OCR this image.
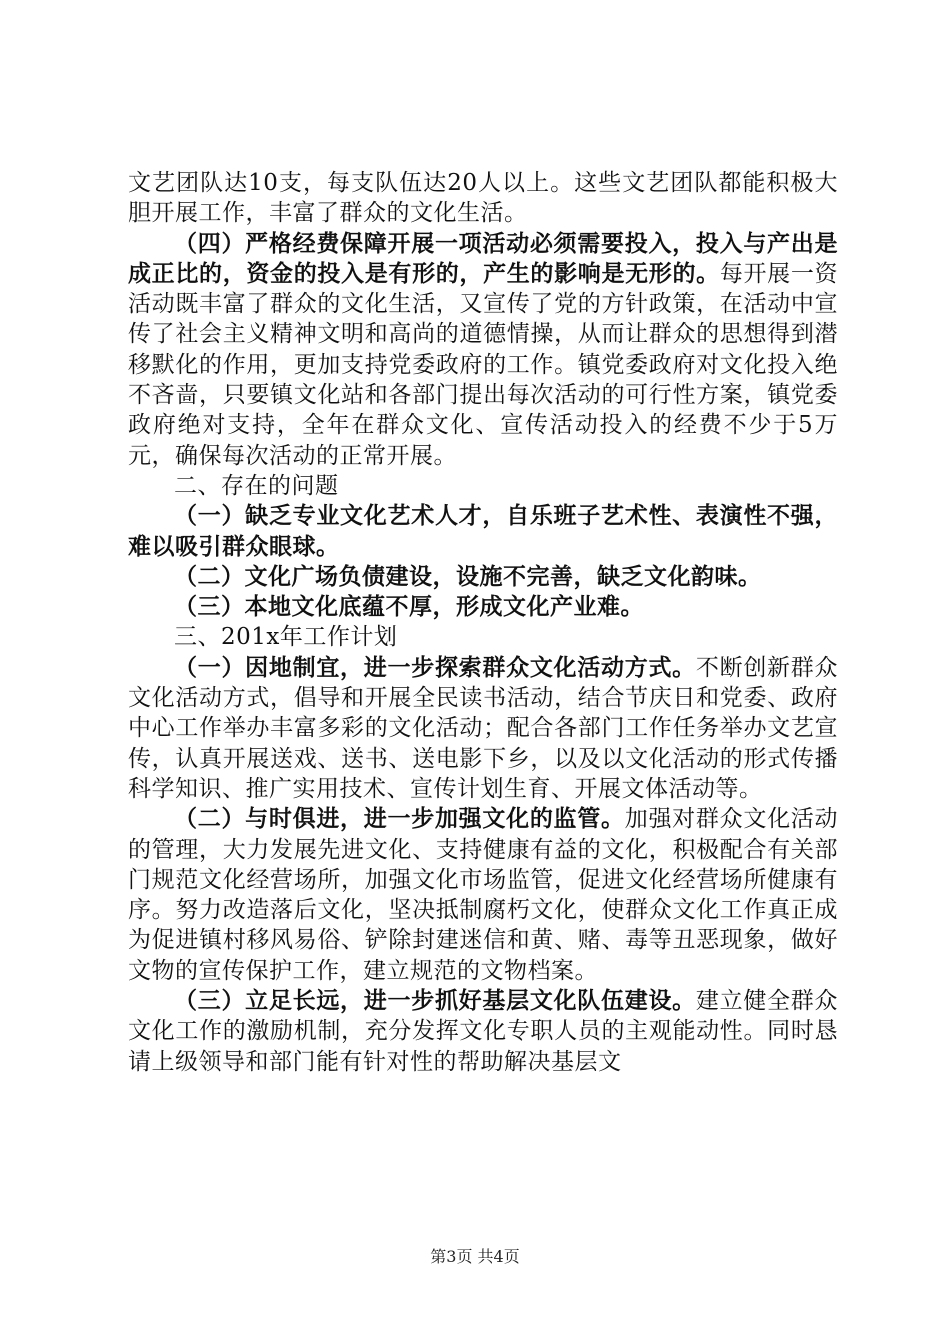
文艺团队达10支，每支队伍达20人以上。这些文艺团队都能积极大胆开展工作，丰富了群众的文化生活。

（四）严格经费保障开展一项活动必须需要投入，投入与产出是成正比的，资金的投入是有形的，产生的影响是无形的。每开展一资活动既丰富了群众的文化生活，又宣传了党的方针政策，在活动中宣传了社会主义精神文明和高尚的道德情操，从而让群众的思想得到潜移默化的作用，更加支持党委政府的工作。镇党委政府对文化投入绝不吝啬，只要镇文化站和各部门提出每次活动的可行性方案，镇党委政府绝对支持，全年在群众文化、宣传活动投入的经费不少于5万元，确保每次活动的正常开展。

二、存在的问题

（一）缺乏专业文化艺术人才，自乐班子艺术性、表演性不强，难以吸引群众眼球。

（二）文化广场负债建设，设施不完善，缺乏文化韵味。

（三）本地文化底蕴不厚，形成文化产业难。

三、201x年工作计划

（一）因地制宜，进一步探索群众文化活动方式。不断创新群众文化活动方式，倡导和开展全民读书活动，结合节庆日和党委、政府中心工作举办丰富多彩的文化活动；配合各部门工作任务举办文艺宣传，认真开展送戏、送书、送电影下乡，以及以文化活动的形式传播科学知识、推广实用技术、宣传计划生育、开展文体活动等。

（二）与时俱进，进一步加强文化的监管。加强对群众文化活动的管理，大力发展先进文化、支持健康有益的文化，积极配合有关部门规范文化经营场所，加强文化市场监管，促进文化经营场所健康有序。努力改造落后文化，坚决抵制腐朽文化，使群众文化工作真正成为促进镇村移风易俗、铲除封建迷信和黄、赌、毒等丑恶现象，做好文物的宣传保护工作，建立规范的文物档案。

（三）立足长远，进一步抓好基层文化队伍建设。建立健全群众文化工作的激励机制，充分发挥文化专职人员的主观能动性。同时恳请上级领导和部门能有针对性的帮助解决基层文

第3页 共4页
